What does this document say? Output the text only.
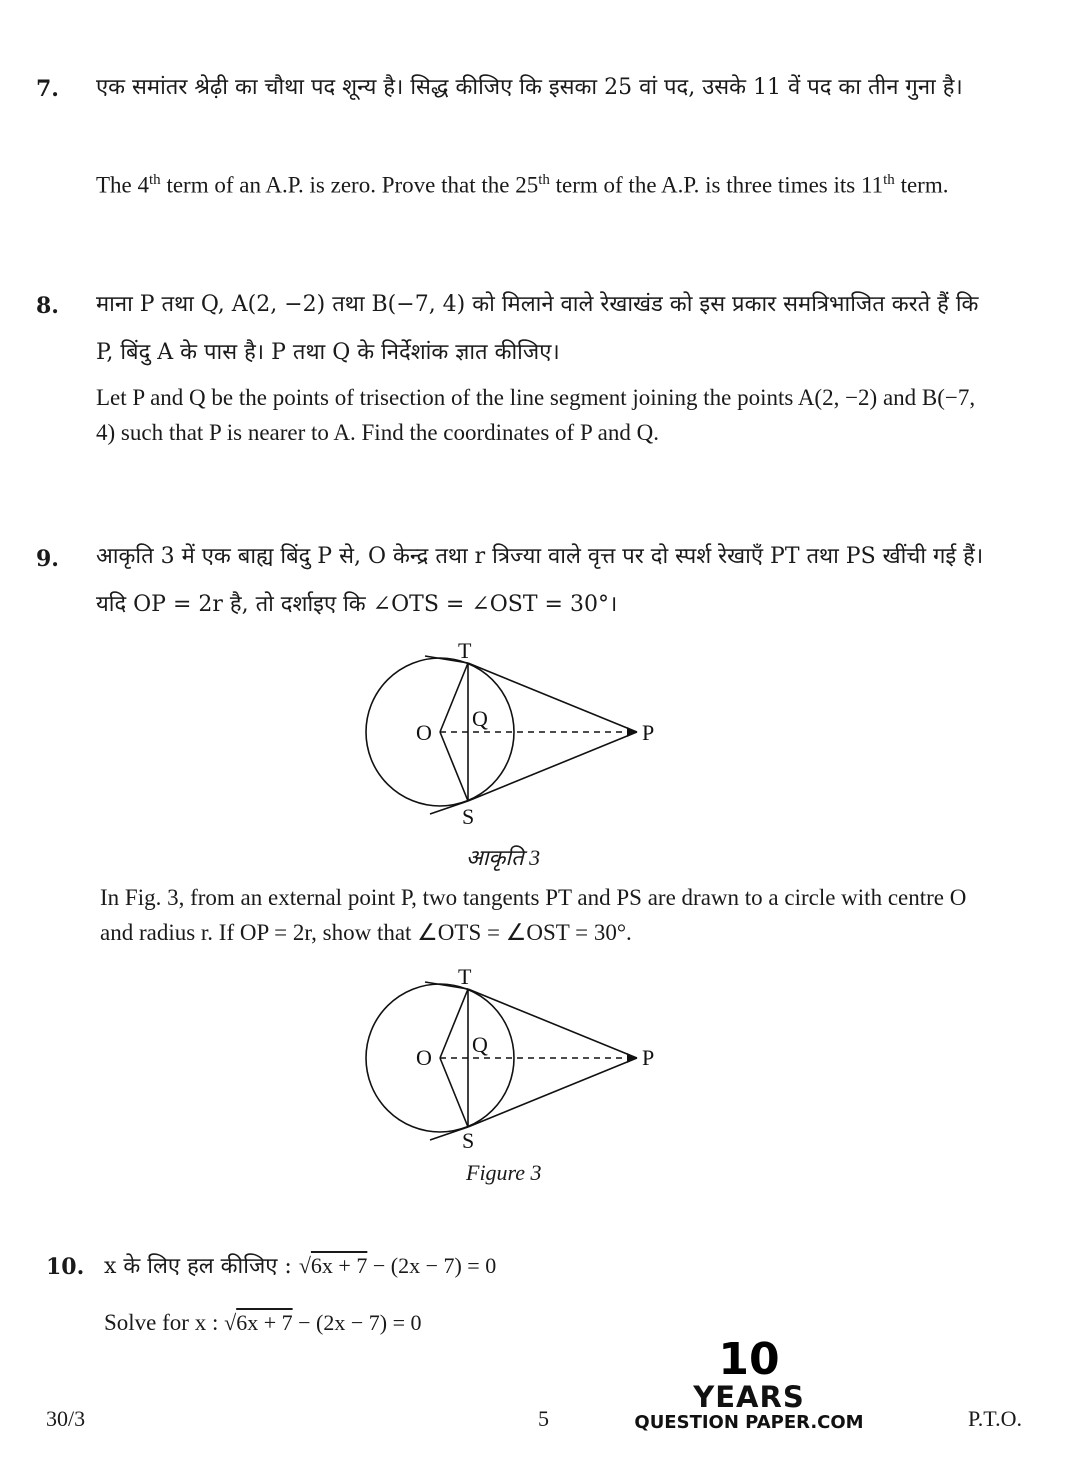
7. एक समांतर श्रेढ़ी का चौथा पद शून्य है। सिद्ध कीजिए कि इसका 25 वां पद, उसके 11 वें पद का तीन गुना है।
The 4th term of an A.P. is zero. Prove that the 25th term of the A.P. is three times its 11th term.
8. माना P तथा Q, A(2, −2) तथा B(−7, 4) को मिलाने वाले रेखाखंड को इस प्रकार समत्रिभाजित करते हैं कि P, बिंदु A के पास है। P तथा Q के निर्देशांक ज्ञात कीजिए।
Let P and Q be the points of trisection of the line segment joining the points A(2, −2) and B(−7, 4) such that P is nearer to A. Find the coordinates of P and Q.
9. आकृति 3 में एक बाह्य बिंदु P से, O केन्द्र तथा r त्रिज्या वाले वृत्त पर दो स्पर्श रेखाएँ PT तथा PS खींची गई हैं। यदि OP = 2r है, तो दर्शाइए कि ∠OTS = ∠OST = 30°।
T
S
O
Q
P
आकृति 3
In Fig. 3, from an external point P, two tangents PT and PS are drawn to a circle with centre O and radius r. If OP = 2r, show that ∠OTS = ∠OST = 30°.
T
S
O
Q
P
Figure 3
10. x के लिए हल कीजिए : √6x + 7 − (2x − 7) = 0
Solve for x : √6x + 7 − (2x − 7) = 0
30/3	5	P.T.O.
10
YEARS
QUESTION PAPER.COM
